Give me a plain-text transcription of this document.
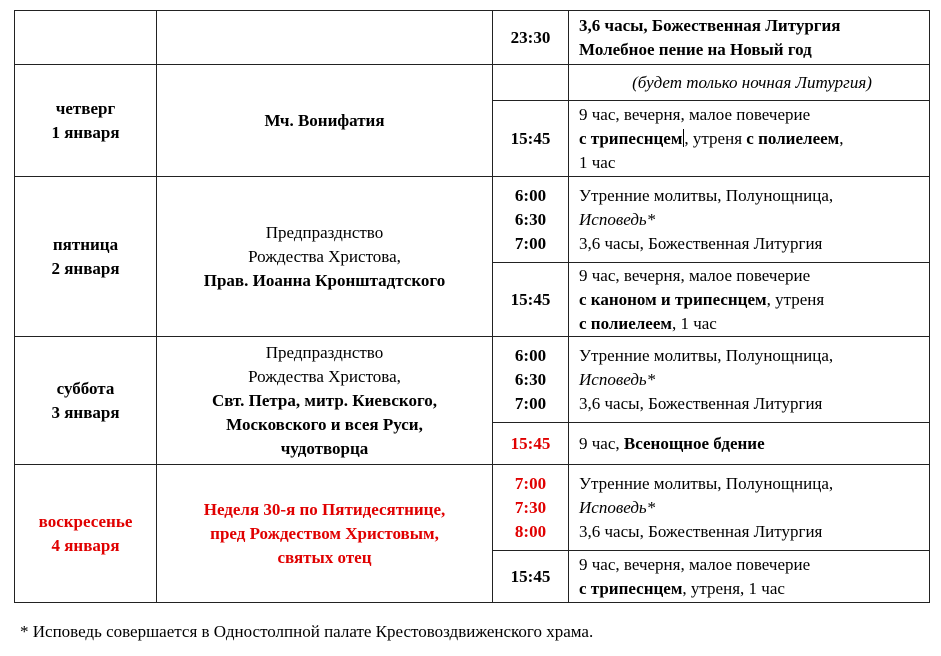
		23:30	3,6 часы, Божественная Литургия
Молебное пение на Новый год

четверг
1 января	Мч. Вонифатия		(будет только ночная Литургия)
		15:45	9 час, вечерня, малое повечерие
с трипеснцем , утреня с полиелеем,
1 час

пятница
2 января	Предпразднство
Рождества Христова,
Прав. Иоанна Кронштадтского	6:00
6:30
7:00	Утренние молитвы, Полунощница,
Исповедь*
3,6 часы, Божественная Литургия

		15:45	9 час, вечерня, малое повечерие
с каноном и трипеснцем, утреня
с полиелеем, 1 час

суббота
3 января	Предпразднство
Рождества Христова,
Свт. Петра, митр. Киевского,
Московского и всея Руси,
чудотворца	6:00
6:30
7:00	Утренние молитвы, Полунощница,
Исповедь*
3,6 часы, Божественная Литургия

		15:45	9 час, Всенощное бдение

воскресенье
4 января	Неделя 30-я по Пятидесятнице,
пред Рождеством Христовым,
святых отец	7:00
7:30
8:00	Утренние молитвы, Полунощница,
Исповедь*
3,6 часы, Божественная Литургия

		15:45	9 час, вечерня, малое повечерие
с трипеснцем, утреня, 1 час
* Исповедь совершается в Одностолпной палате Крестовоздвиженского храма.
